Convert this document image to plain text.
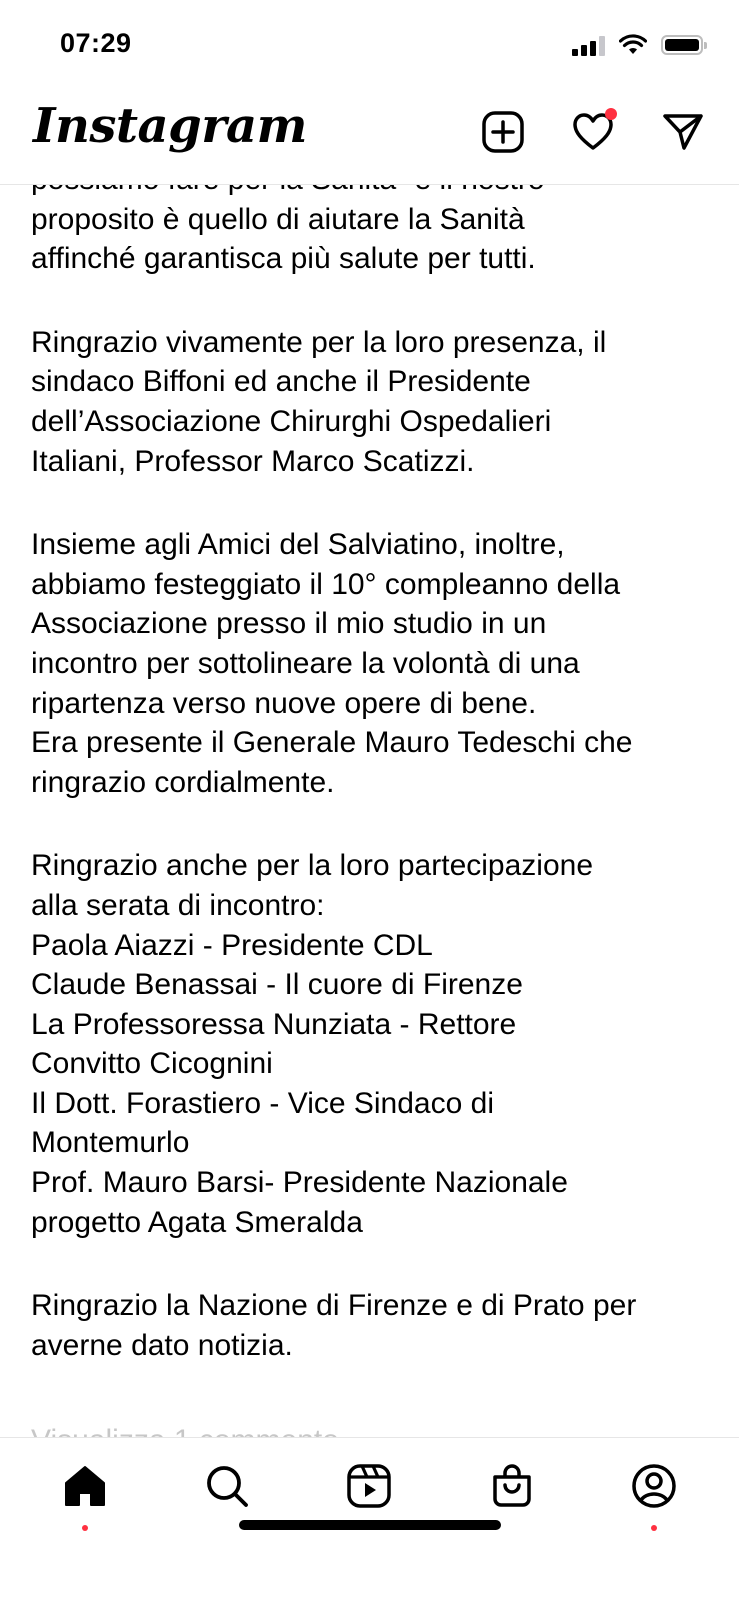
07:29
Instagram

proposito è quello di aiutare la Sanità
affinché garantisca più salute per tutti.

Ringrazio vivamente per la loro presenza, il
sindaco Biffoni ed anche il Presidente
dell’Associazione Chirurghi Ospedalieri
Italiani, Professor Marco Scatizzi.

Insieme agli Amici del Salviatino, inoltre,
abbiamo festeggiato il 10° compleanno della
Associazione presso il mio studio in un
incontro per sottolineare la volontà di una
ripartenza verso nuove opere di bene.
Era presente il Generale Mauro Tedeschi che
ringrazio cordialmente.

Ringrazio anche per la loro partecipazione
alla serata di incontro:
Paola Aiazzi - Presidente CDL
Claude Benassai - Il cuore di Firenze
La Professoressa Nunziata - Rettore
Convitto Cicognini
Il Dott. Forastiero - Vice Sindaco di
Montemurlo
Prof. Mauro Barsi- Presidente Nazionale
progetto Agata Smeralda

Ringrazio la Nazione di Firenze e di Prato per
averne dato notizia.
